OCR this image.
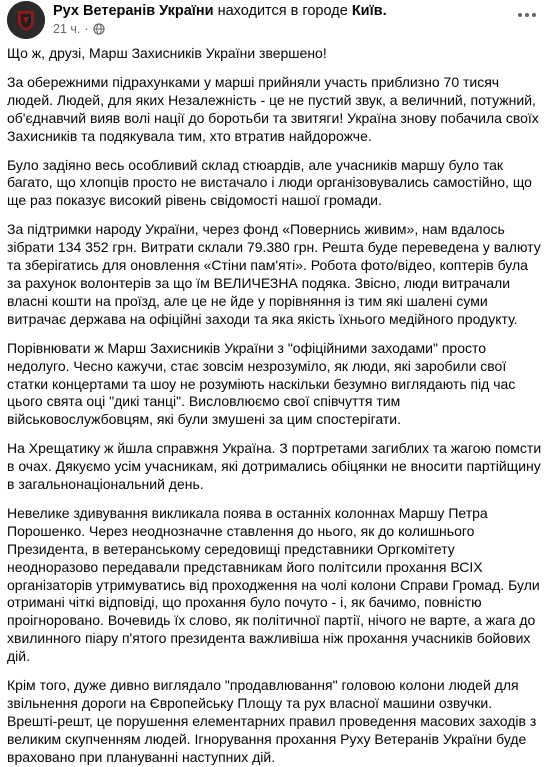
Рух Ветеранів України находится в городе Київ.
21 ч. ·

Що ж, друзі, Марш Захисників України звершено!

За обережними підрахунками у маршi прийняли участь приблизно 70 тисяч людей. Людей, для яких Незалежність - це не пустий звук, а величний, потужний, об'єднавчий вияв волі нації до боротьби та звитяги! Україна знову побачила своїх Захисників та подякувала тим, хто втратив найдорожче.

Було задіяно весь особливий склад стюардів, але учасників маршу було так багато, що хлопців просто не вистачало і люди організовувались самостійно, що ще раз показує високий рівень свідомості нашої громади.

За підтримки народу України, через фонд «Повернись живим», нам вдалось зібрати 134 352 грн. Витрати склали 79.380 грн. Решта буде переведена у валюту та зберігатись для оновлення «Стіни пам'яті». Робота фото/відео, коптерів була за рахунок волонтерів за що їм ВЕЛИЧЕЗНА подяка. Звісно, люди витрачали власні кошти на проїзд, але це не йде у порівняння із тим які шалені суми витрачає держава на офіційні заходи та яка якість їхнього медійного продукту.

Порівнювати ж Марш Захисників України з "офіційними заходами" просто недолуго. Чесно кажучи, стає зовсім незрозуміло, як люди, які заробили свої статки концертами та шоу не розуміють наскільки безумно виглядають під час цього свята оці "дикі танці". Висловлюємо свої співчуття тим військовослужбовцям, які були змушені за цим спостерігати.

На Хрещатику ж йшла справжня Україна. З портретами загиблих та жагою помсти в очах. Дякуємо усім учасникам, які дотримались обіцянки не вносити партійщину в загальнонаціональний день.

Невелике здивування викликала поява в останніх колоннах Маршу Петра Порошенко. Через неоднозначне ставлення до нього, як до колишнього Президента, в ветеранському середовищі представники Оргкомітету неодноразово передавали представникам його політсили прохання ВСІХ організаторів утримуватись від проходження на чолі колони Справи Громад. Були отримані чіткі відповіді, що прохання було почуто - і, як бачимо, повністю проігноровано. Вочевидь їх слово, як політичної партії, нічого не варте, а жага до хвилинного піару п'ятого президента важливіша ніж прохання учасників бойових дій.

Крім того, дуже дивно виглядало "продавлювання" головою колони людей для звільнення дороги на Європейську Площу та рух власної машини озвучки. Врешті-решт, це порушення елементарних правил проведення масових заходів з великим скупченням людей. Ігнорування прохання Руху Ветеранів України буде враховано при плануванні наступних дій.
